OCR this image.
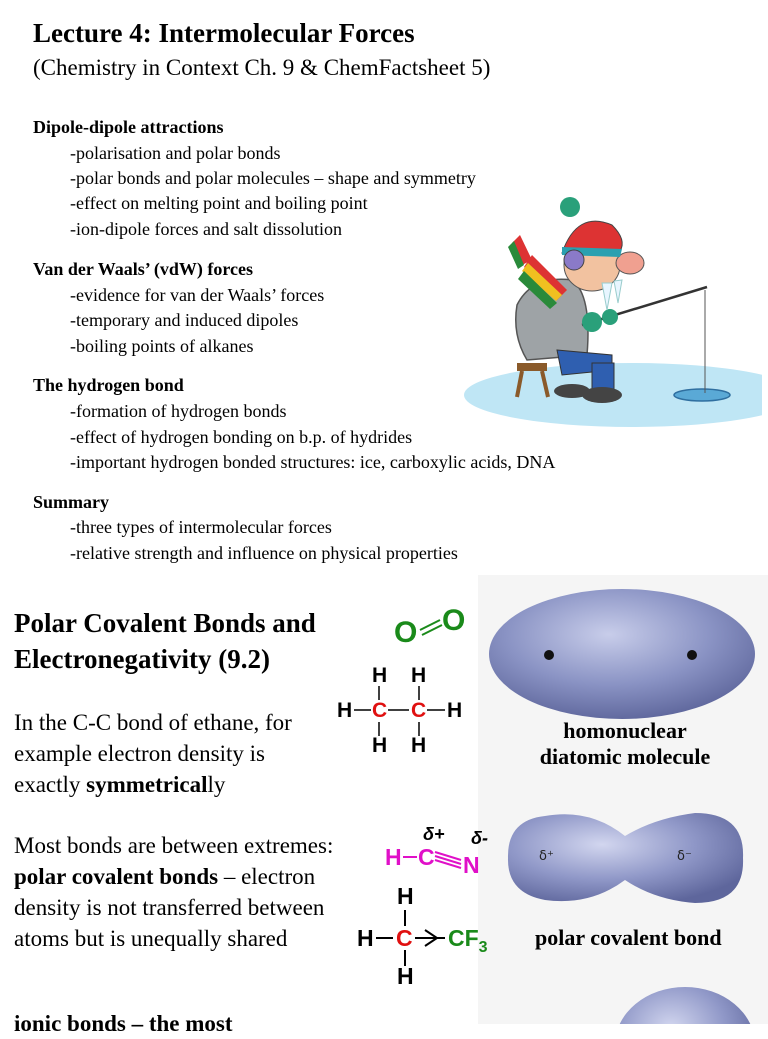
Lecture 4: Intermolecular Forces
(Chemistry in Context Ch. 9 & ChemFactsheet 5)
Dipole-dipole attractions
-polarisation and polar bonds
-polar bonds and polar molecules – shape and symmetry
-effect on melting point and boiling point
-ion-dipole forces and salt dissolution
Van der Waals’ (vdW) forces
-evidence for van der Waals’ forces
-temporary and induced dipoles
-boiling points of alkanes
The hydrogen bond
-formation of hydrogen bonds
-effect of hydrogen bonding on b.p. of hydrides
-important hydrogen bonded structures: ice, carboxylic acids, DNA
Summary
-three types of intermolecular forces
-relative strength and influence on physical properties
Polar Covalent Bonds and
Electronegativity (9.2)
In the C-C bond of ethane, for
example electron density is
exactly symmetrically
Most bonds are between extremes:
polar covalent bonds – electron
density is not transferred between
atoms but is unequally shared
ionic bonds – the most
O O
H H
H C C H
H H
δ+ δ-
H C N
H
H C $CF_3$
H
homonuclear
diatomic molecule
δ⁺	δ⁻
polar covalent bond
